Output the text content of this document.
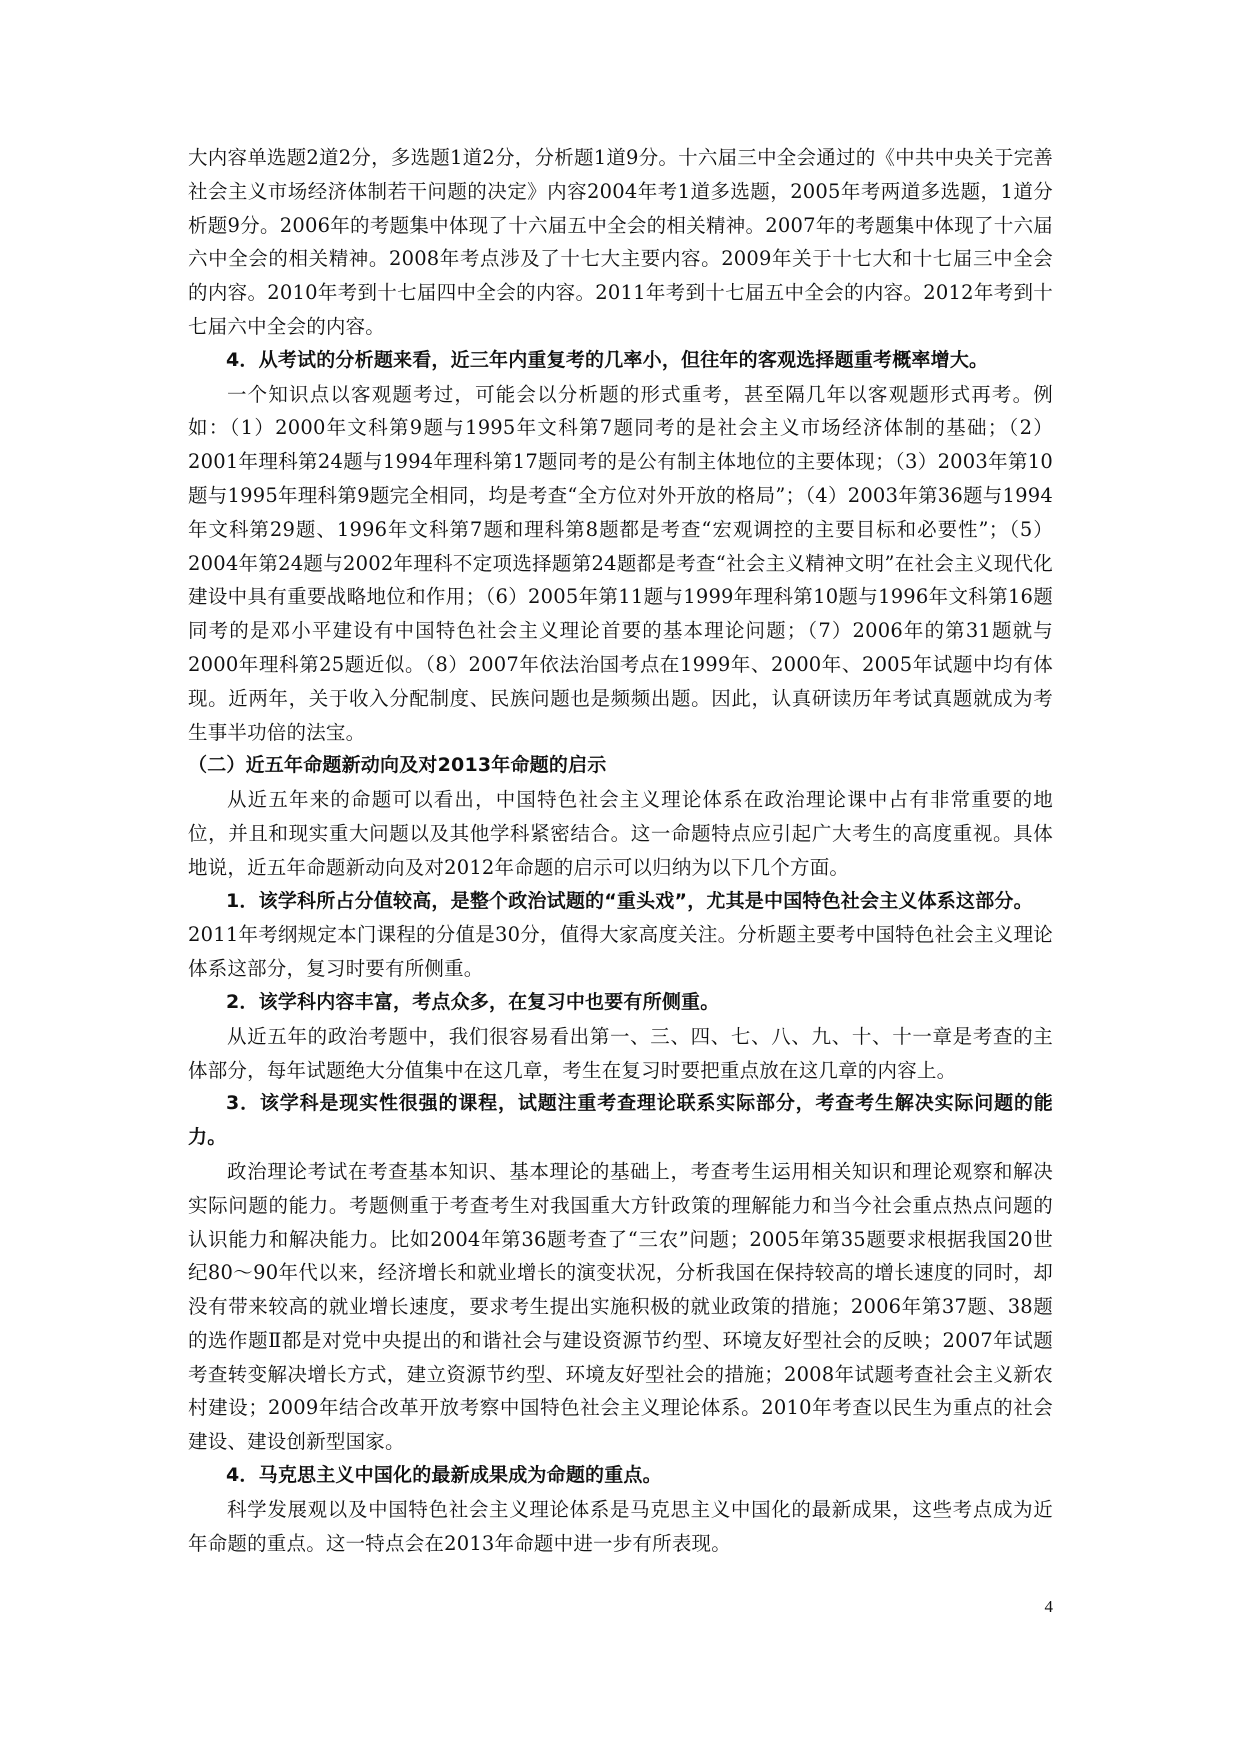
大内容单选题2道2分，多选题1道2分，分析题1道9分。十六届三中全会通过的《中共中央关于完善社会主义市场经济体制若干问题的决定》内容2004年考1道多选题，2005年考两道多选题，1道分析题9分。2006年的考题集中体现了十六届五中全会的相关精神。2007年的考题集中体现了十六届六中全会的相关精神。2008年考点涉及了十七大主要内容。2009年关于十七大和十七届三中全会的内容。2010年考到十七届四中全会的内容。2011年考到十七届五中全会的内容。2012年考到十七届六中全会的内容。

4．从考试的分析题来看，近三年内重复考的几率小，但往年的客观选择题重考概率增大。

一个知识点以客观题考过，可能会以分析题的形式重考，甚至隔几年以客观题形式再考。例如：（1）2000年文科第9题与1995年文科第7题同考的是社会主义市场经济体制的基础；（2）2001年理科第24题与1994年理科第17题同考的是公有制主体地位的主要体现；（3）2003年第10题与1995年理科第9题完全相同，均是考查“全方位对外开放的格局”；（4）2003年第36题与1994年文科第29题、1996年文科第7题和理科第8题都是考查“宏观调控的主要目标和必要性”；（5）2004年第24题与2002年理科不定项选择题第24题都是考查“社会主义精神文明”在社会主义现代化建设中具有重要战略地位和作用；（6）2005年第11题与1999年理科第10题与1996年文科第16题同考的是邓小平建设有中国特色社会主义理论首要的基本理论问题；（7）2006年的第31题就与2000年理科第25题近似。（8）2007年依法治国考点在1999年、2000年、2005年试题中均有体现。近两年，关于收入分配制度、民族问题也是频频出题。因此，认真研读历年考试真题就成为考生事半功倍的法宝。

（二）近五年命题新动向及对2013年命题的启示

从近五年来的命题可以看出，中国特色社会主义理论体系在政治理论课中占有非常重要的地位，并且和现实重大问题以及其他学科紧密结合。这一命题特点应引起广大考生的高度重视。具体地说，近五年命题新动向及对2012年命题的启示可以归纳为以下几个方面。

1．该学科所占分值较高，是整个政治试题的“重头戏”，尤其是中国特色社会主义体系这部分。

2011年考纲规定本门课程的分值是30分，值得大家高度关注。分析题主要考中国特色社会主义理论体系这部分，复习时要有所侧重。

2．该学科内容丰富，考点众多，在复习中也要有所侧重。

从近五年的政治考题中，我们很容易看出第一、三、四、七、八、九、十、十一章是考查的主体部分，每年试题绝大分值集中在这几章，考生在复习时要把重点放在这几章的内容上。

3．该学科是现实性很强的课程，试题注重考查理论联系实际部分，考查考生解决实际问题的能力。

政治理论考试在考查基本知识、基本理论的基础上，考查考生运用相关知识和理论观察和解决实际问题的能力。考题侧重于考查考生对我国重大方针政策的理解能力和当今社会重点热点问题的认识能力和解决能力。比如2004年第36题考查了“三农”问题；2005年第35题要求根据我国20世纪80～90年代以来，经济增长和就业增长的演变状况，分析我国在保持较高的增长速度的同时，却没有带来较高的就业增长速度，要求考生提出实施积极的就业政策的措施；2006年第37题、38题的选作题Ⅱ都是对党中央提出的和谐社会与建设资源节约型、环境友好型社会的反映；2007年试题考查转变解决增长方式，建立资源节约型、环境友好型社会的措施；2008年试题考查社会主义新农村建设；2009年结合改革开放考察中国特色社会主义理论体系。2010年考查以民生为重点的社会建设、建设创新型国家。

4．马克思主义中国化的最新成果成为命题的重点。

科学发展观以及中国特色社会主义理论体系是马克思主义中国化的最新成果，这些考点成为近年命题的重点。这一特点会在2013年命题中进一步有所表现。

4
